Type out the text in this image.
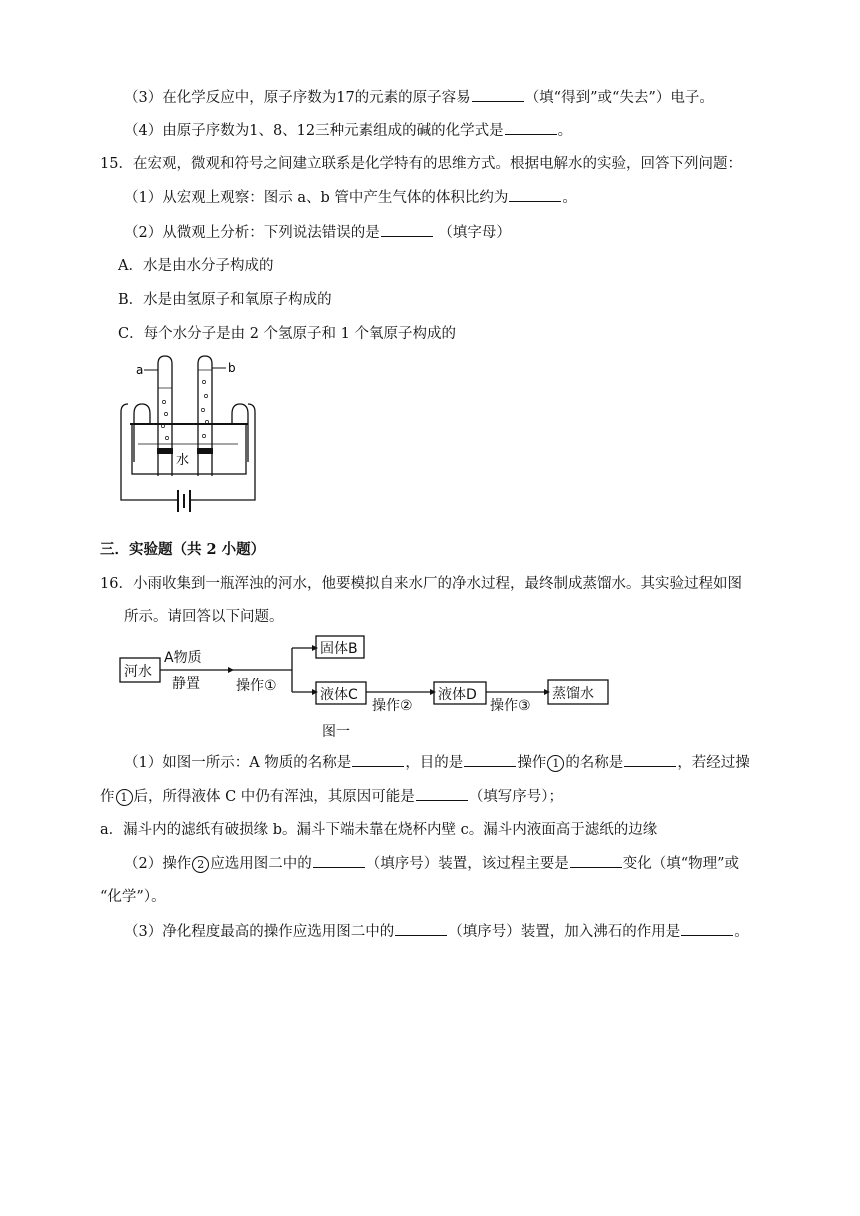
（3）在化学反应中，原子序数为17的元素的原子容易	（填“得到”或“失去”）电子。
（4）由原子序数为1、8、12三种元素组成的碱的化学式是	。
15．在宏观，微观和符号之间建立联系是化学特有的思维方式。根据电解水的实验，回答下列问题：
（1）从宏观上观察：图示 a、b 管中产生气体的体积比约为	。
（2）从微观上分析：下列说法错误的是	（填字母）
A．水是由水分子构成的
B．水是由氢原子和氧原子构成的
C．每个水分子是由 2 个氢原子和 1 个氧原子构成的
a	b
水
三．实验题（共 2 小题）
16．小雨收集到一瓶浑浊的河水，他要模拟自来水厂的净水过程，最终制成蒸馏水。其实验过程如图
所示。请回答以下问题。
河水
A物质
静置	操作①
固体B
液体C
操作②
液体D
操作③
蒸馏水
图一
（1）如图一所示：A 物质的名称是	，目的是	操作 1 的名称是	，若经过操
作 1 后，所得液体 C 中仍有浑浊，其原因可能是	（填写序号）；
a．漏斗内的滤纸有破损缘 b。漏斗下端未靠在烧杯内壁 c。漏斗内液面高于滤纸的边缘
（2）操作 2 应选用图二中的	（填序号）装置，该过程主要是	变化（填“物理”或
“化学”）。
（3）净化程度最高的操作应选用图二中的	（填序号）装置，加入沸石的作用是	。
